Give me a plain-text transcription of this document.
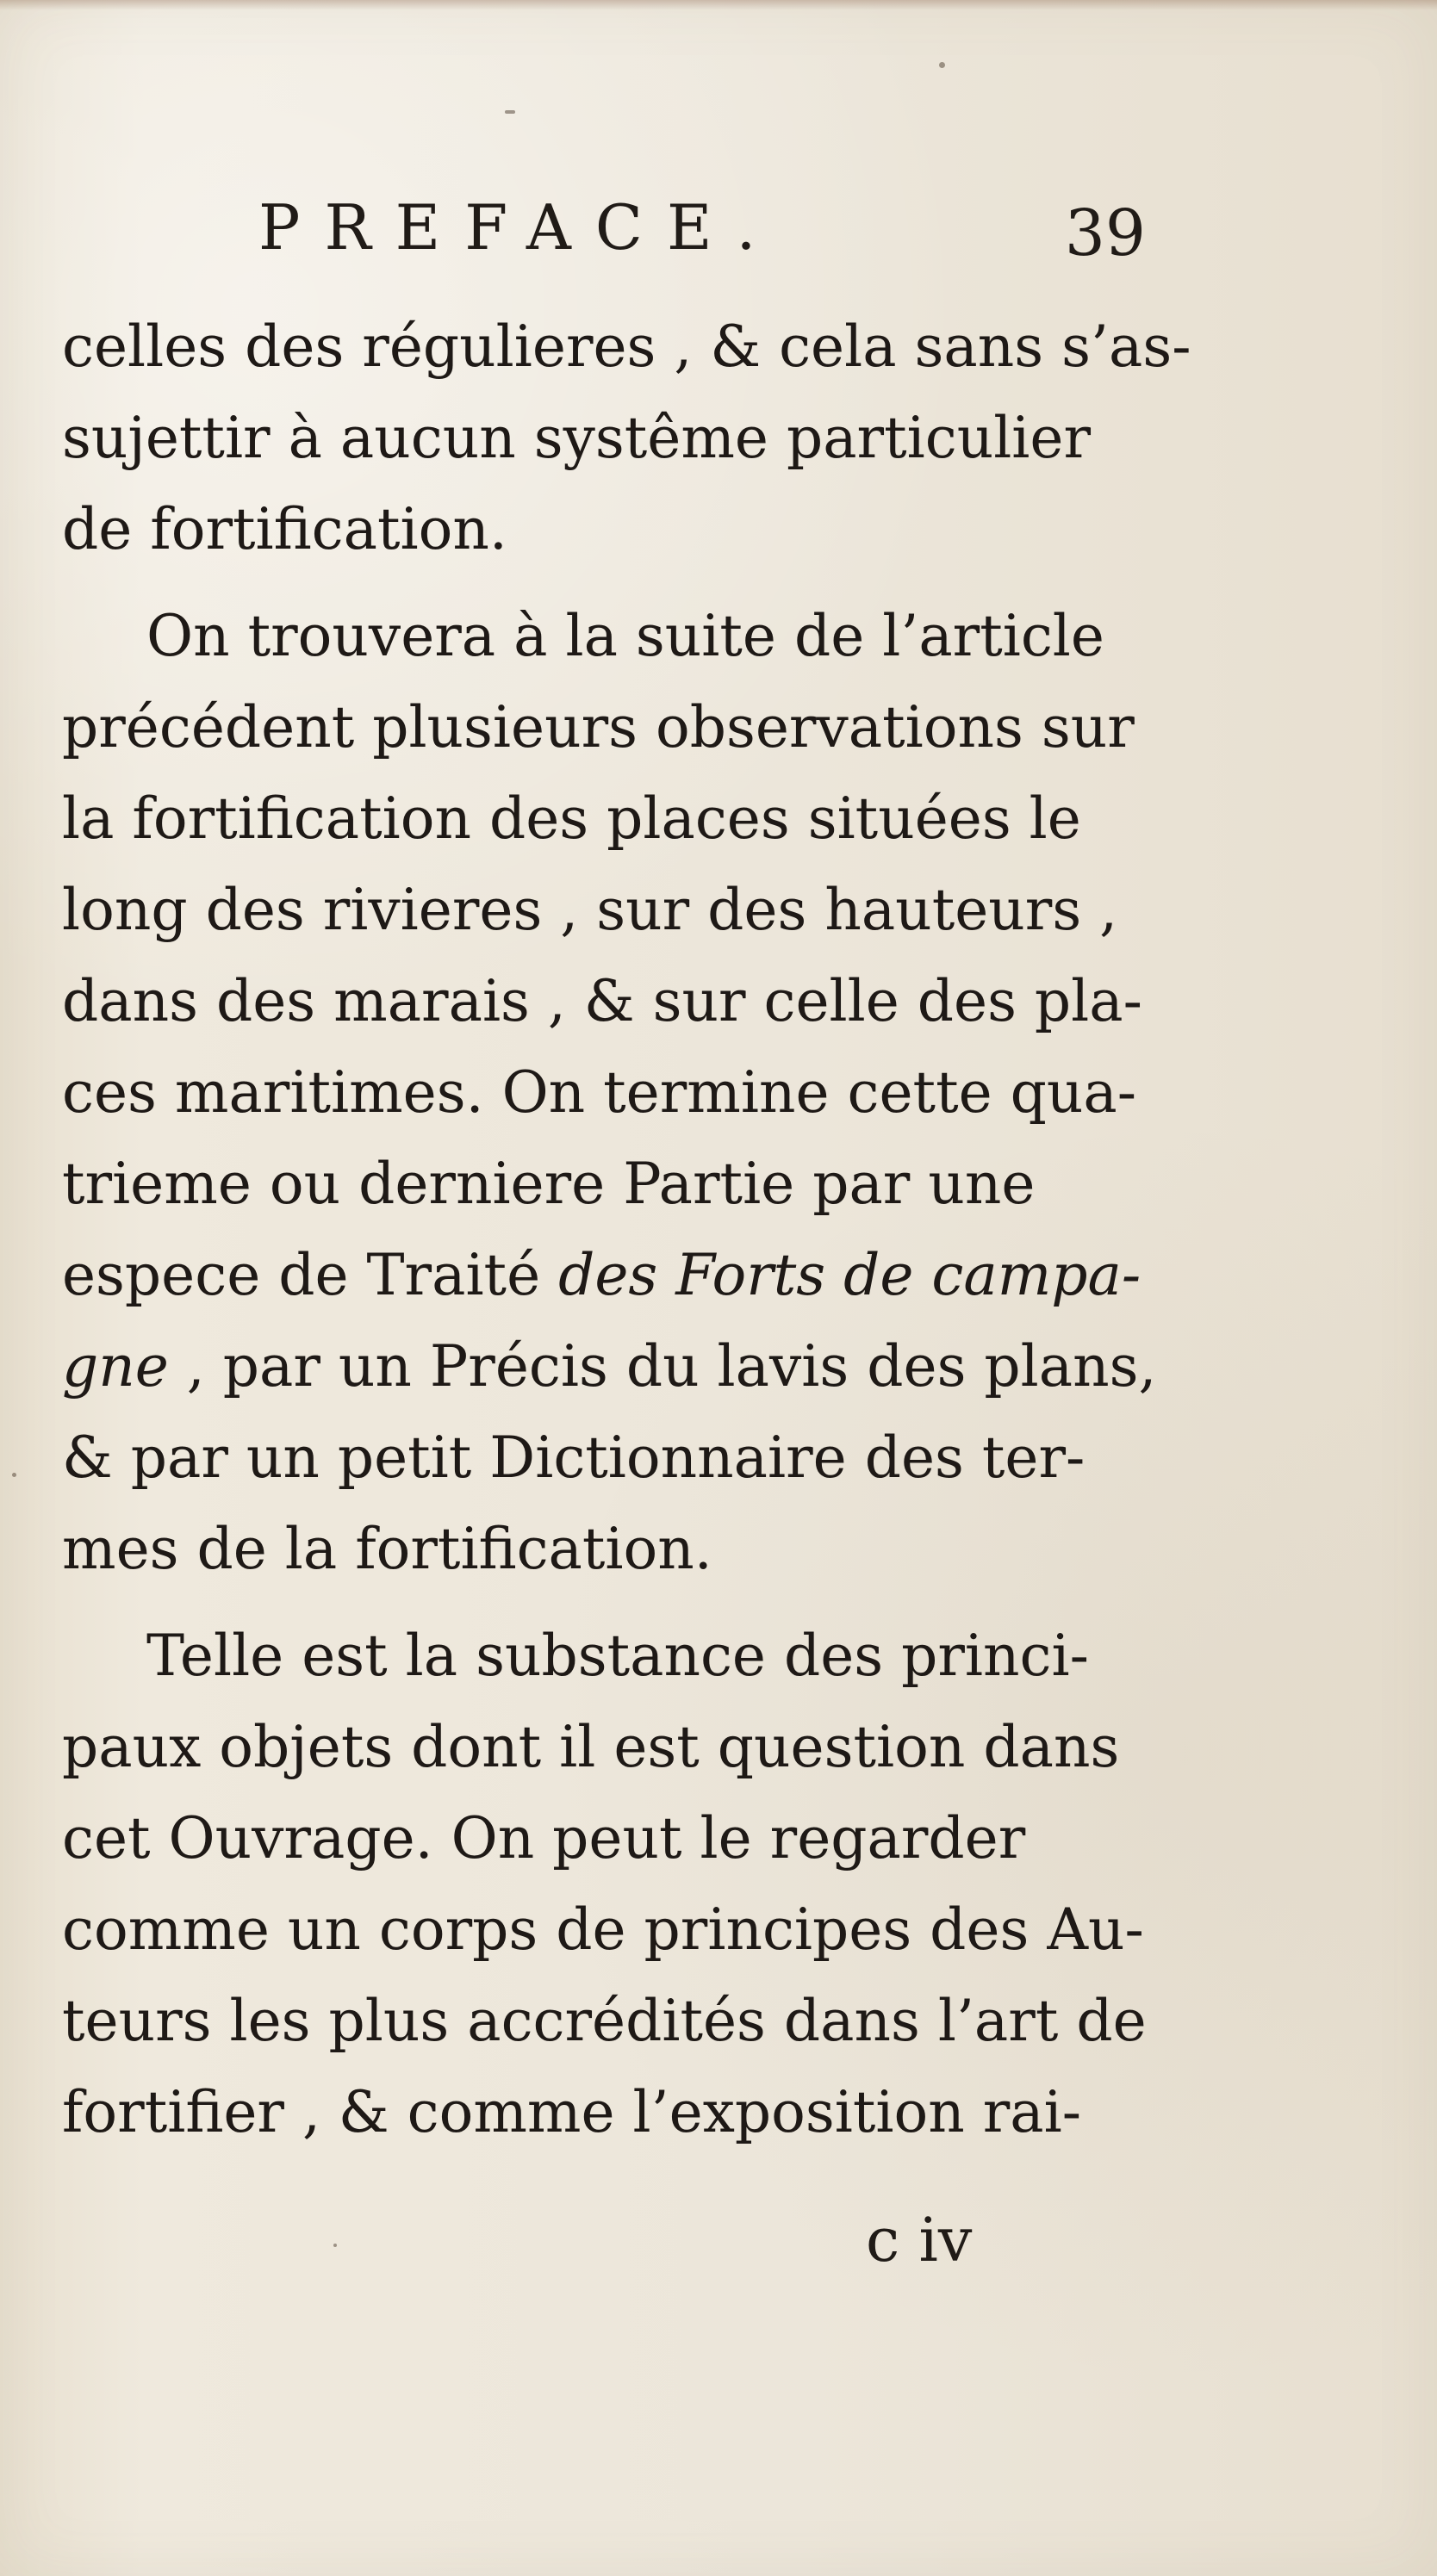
PREFACE.	39
celles des régulieres , & cela sans s’as-
sujettir à aucun systême particulier
de fortification.
On trouvera à la suite de l’article
précédent plusieurs observations sur
la fortification des places situées le
long des rivieres , sur des hauteurs ,
dans des marais , & sur celle des pla-
ces maritimes. On termine cette qua-
trieme ou derniere Partie par une
espece de Traité des Forts de campa-
gne , par un Précis du lavis des plans,
& par un petit Dictionnaire des ter-
mes de la fortification.
Telle est la substance des princi-
paux objets dont il est question dans
cet Ouvrage. On peut le regarder
comme un corps de principes des Au-
teurs les plus accrédités dans l’art de
fortifier , & comme l’exposition rai-
c iv
